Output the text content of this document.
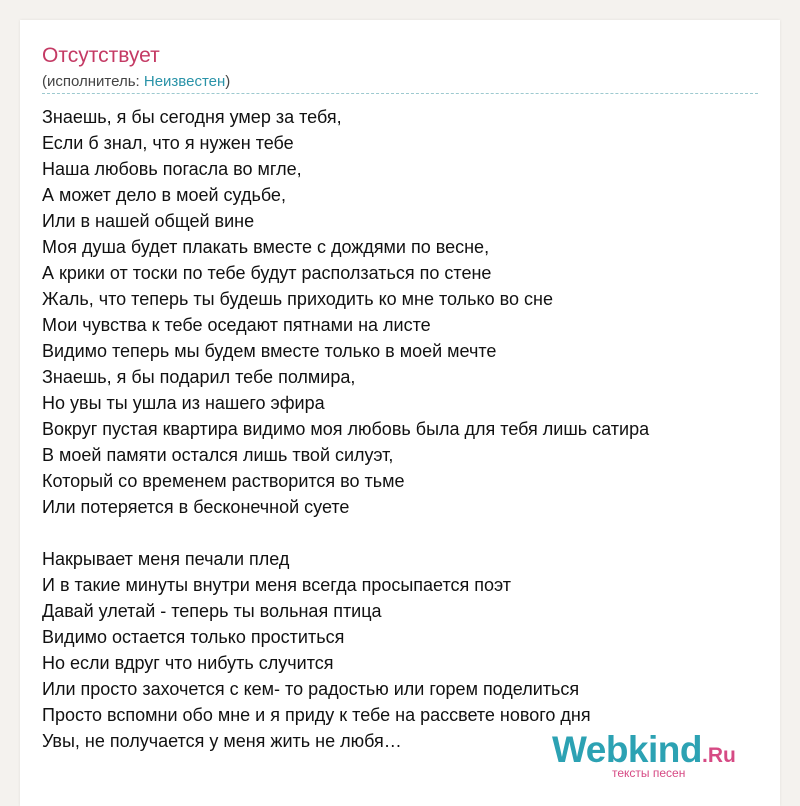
Отсутствует
(исполнитель: Неизвестен)
Знаешь, я бы сегодня умер за тебя,
Если б знал, что я нужен тебе
Наша любовь погасла во мгле,
А может дело в моей судьбе,
Или в нашей общей вине
Моя душа будет плакать вместе с дождями по весне,
А крики от тоски по тебе будут расползаться по стене
Жаль, что теперь ты будешь приходить ко мне только во сне
Мои чувства к тебе оседают пятнами на листе
Видимо теперь мы будем вместе только в моей мечте
Знаешь, я бы подарил тебе полмира,
Но увы ты ушла из нашего эфира
Вокруг пустая квартира видимо моя любовь была для тебя лишь сатира
В моей памяти остался лишь твой силуэт,
Который со временем растворится во тьме
Или потеряется в бесконечной суете
Накрывает меня печали плед
И в такие минуты внутри меня всегда просыпается поэт
Давай улетай - теперь ты вольная птица
Видимо остается только проститься
Но если вдруг что нибуть случится
Или просто захочется с кем- то радостью или горем поделиться
Просто вспомни обо мне и я приду к тебе на рассвете нового дня
Увы, не получается у меня жить не любя…	Webkind.Ru
тексты песен
